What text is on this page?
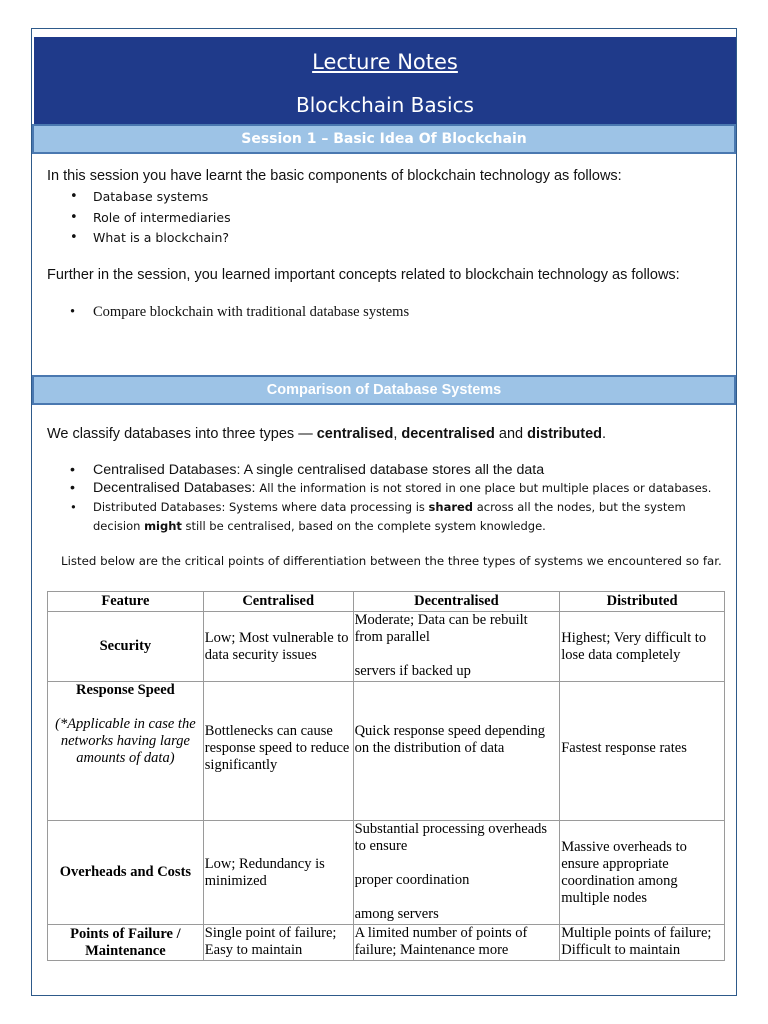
Lecture Notes
Blockchain Basics
Session 1 – Basic Idea Of Blockchain
In this session you have learnt the basic components of blockchain technology as follows:
• Database systems
• Role of intermediaries
• What is a blockchain?
Further in the session, you learned important concepts related to blockchain technology as follows:
• Compare blockchain with traditional database systems
Comparison of Database Systems
We classify databases into three types — centralised, decentralised and distributed.
• Centralised Databases: A single centralised database stores all the data
• Decentralised Databases: All the information is not stored in one place but multiple places or databases.
• Distributed Databases: Systems where data processing is shared across all the nodes, but the system decision might still be centralised, based on the complete system knowledge.
Listed below are the critical points of differentiation between the three types of systems we encountered so far.
Feature	Centralised	Decentralised	Distributed
Security	Low; Most vulnerable to data security issues	Moderate; Data can be rebuilt from parallel
servers if backed up	Highest; Very difficult to lose data completely

Response Speed
(*Applicable in case the networks having large amounts of data)	Bottlenecks can cause response speed to reduce significantly	Quick response speed depending on the distribution of data	Fastest response rates
Overheads and Costs	Low; Redundancy is minimized	Substantial processing overheads to ensure
proper coordination
among servers	Massive overheads to ensure appropriate coordination among multiple nodes
Points of Failure / Maintenance	Single point of failure; Easy to maintain	A limited number of points of failure; Maintenance more	Multiple points of failure; Difficult to maintain
